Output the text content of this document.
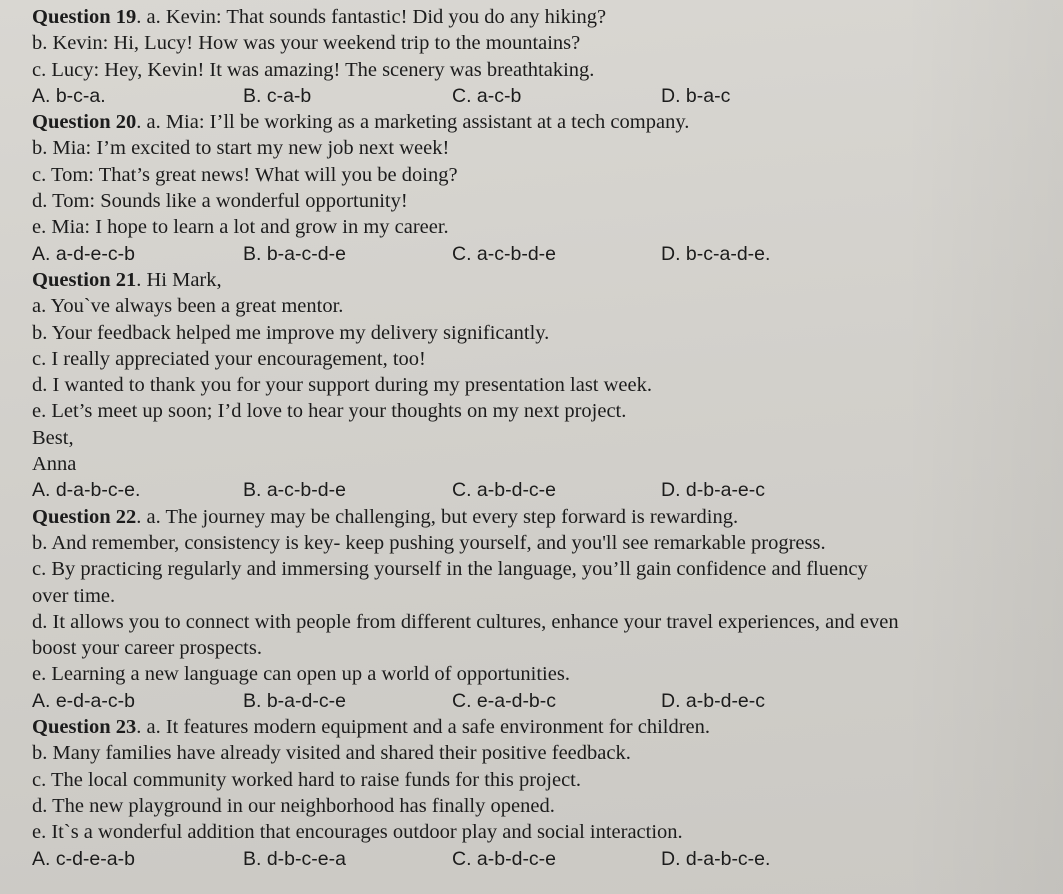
Question 19. a. Kevin: That sounds fantastic! Did you do any hiking?
b. Kevin: Hi, Lucy! How was your weekend trip to the mountains?
c. Lucy: Hey, Kevin! It was amazing! The scenery was breathtaking.
A. b-c-a.	B. c-a-b	C. a-c-b	D. b-a-c
Question 20. a. Mia: I’ll be working as a marketing assistant at a tech company.
b. Mia: I’m excited to start my new job next week!
c. Tom: That’s great news! What will you be doing?
d. Tom: Sounds like a wonderful opportunity!
e. Mia: I hope to learn a lot and grow in my career.
A. a-d-e-c-b	B. b-a-c-d-e	C. a-c-b-d-e	D. b-c-a-d-e.
Question 21. Hi Mark,
a. You`ve always been a great mentor.
b. Your feedback helped me improve my delivery significantly.
c. I really appreciated your encouragement, too!
d. I wanted to thank you for your support during my presentation last week.
e. Let’s meet up soon; I’d love to hear your thoughts on my next project.
Best,
Anna
A. d-a-b-c-e.	B. a-c-b-d-e	C. a-b-d-c-e	D. d-b-a-e-c
Question 22. a. The journey may be challenging, but every step forward is rewarding.
b. And remember, consistency is key- keep pushing yourself, and you'll see remarkable progress.
c. By practicing regularly and immersing yourself in the language, you’ll gain confidence and fluency
over time.
d. It allows you to connect with people from different cultures, enhance your travel experiences, and even
boost your career prospects.
e. Learning a new language can open up a world of opportunities.
A. e-d-a-c-b	B. b-a-d-c-e	C. e-a-d-b-c	D. a-b-d-e-c
Question 23. a. It features modern equipment and a safe environment for children.
b. Many families have already visited and shared their positive feedback.
c. The local community worked hard to raise funds for this project.
d. The new playground in our neighborhood has finally opened.
e. It`s a wonderful addition that encourages outdoor play and social interaction.
A. c-d-e-a-b	B. d-b-c-e-a	C. a-b-d-c-e	D. d-a-b-c-e.
